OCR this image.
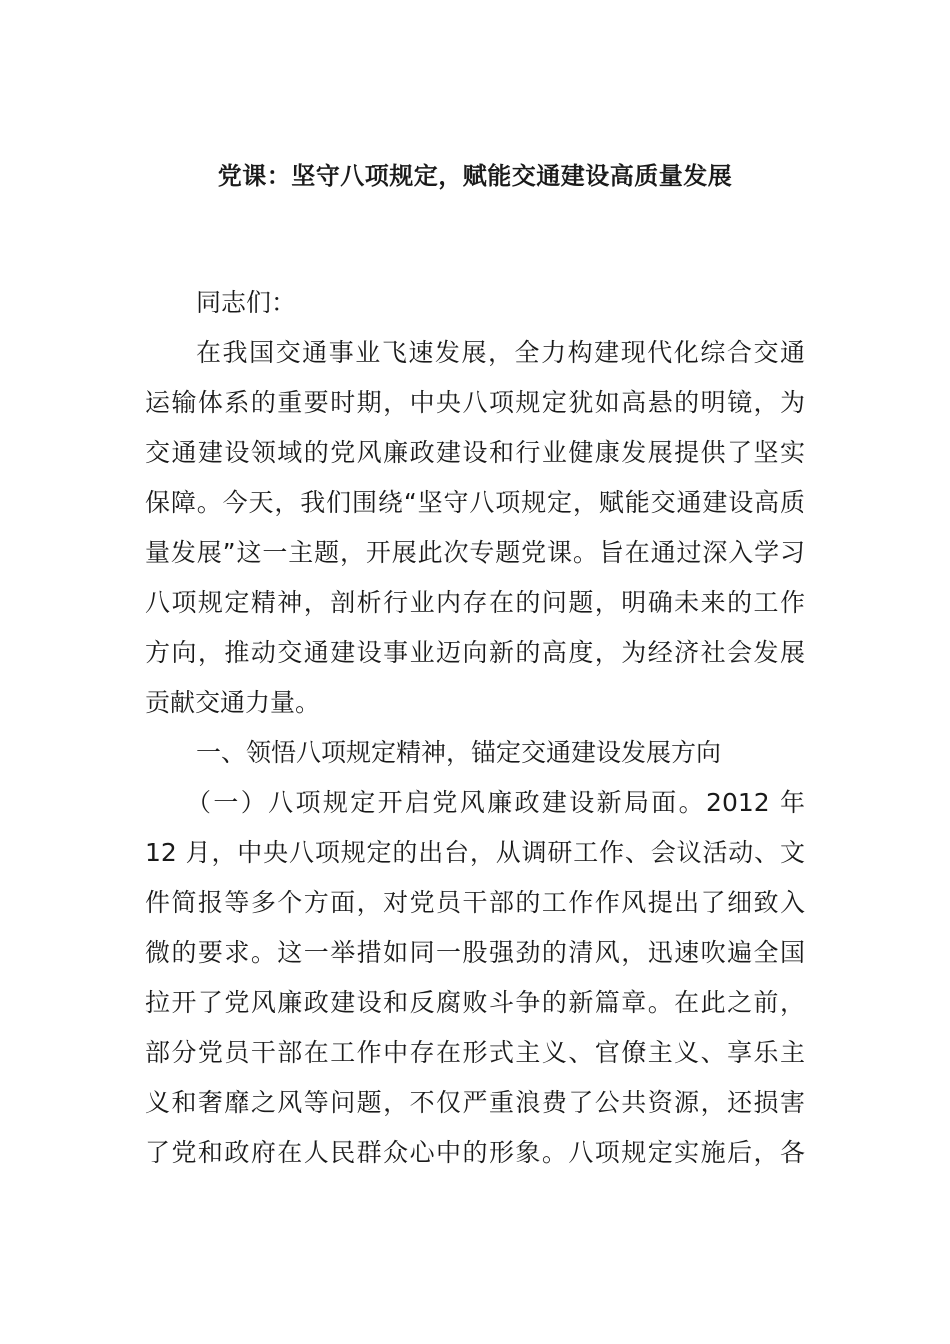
党课：坚守八项规定，赋能交通建设高质量发展

同志们：

在我国交通事业飞速发展，全力构建现代化综合交通

运输体系的重要时期，中央八项规定犹如高悬的明镜，为

交通建设领域的党风廉政建设和行业健康发展提供了坚实

保障。今天，我们围绕“坚守八项规定，赋能交通建设高质

量发展”这一主题，开展此次专题党课。旨在通过深入学习

八项规定精神，剖析行业内存在的问题，明确未来的工作

方向，推动交通建设事业迈向新的高度，为经济社会发展

贡献交通力量。

一、领悟八项规定精神，锚定交通建设发展方向

（一）八项规定开启党风廉政建设新局面。2012 年

12 月，中央八项规定的出台，从调研工作、会议活动、文

件简报等多个方面，对党员干部的工作作风提出了细致入

微的要求。这一举措如同一股强劲的清风，迅速吹遍全国

拉开了党风廉政建设和反腐败斗争的新篇章。在此之前，

部分党员干部在工作中存在形式主义、官僚主义、享乐主

义和奢靡之风等问题，不仅严重浪费了公共资源，还损害

了党和政府在人民群众心中的形象。八项规定实施后，各
